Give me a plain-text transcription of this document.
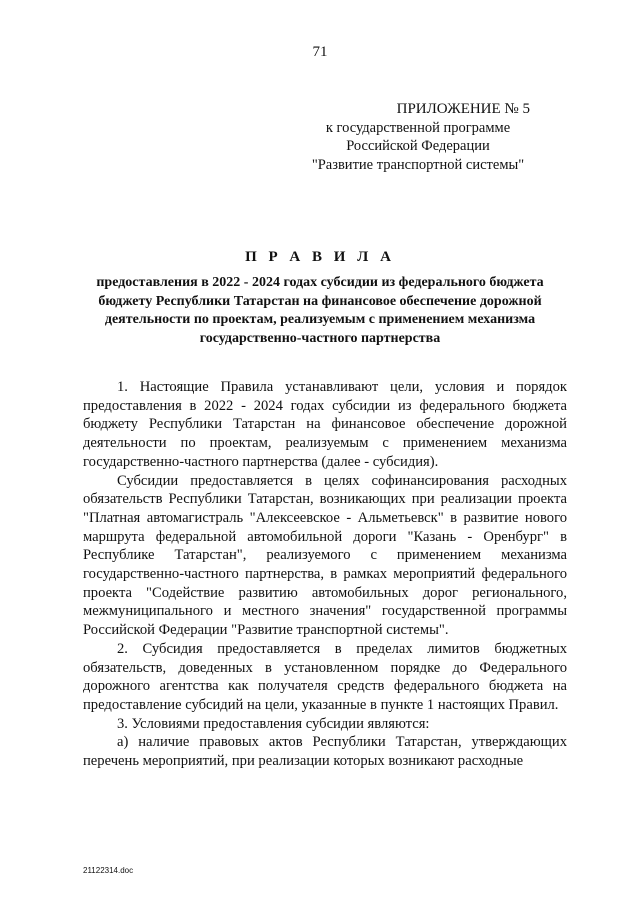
71
ПРИЛОЖЕНИЕ № 5
к государственной программе
Российской Федерации
"Развитие транспортной системы"
П Р А В И Л А
предоставления в 2022 - 2024 годах субсидии из федерального бюджета бюджету Республики Татарстан на финансовое обеспечение дорожной деятельности по проектам, реализуемым с применением механизма государственно-частного партнерства

1. Настоящие Правила устанавливают цели, условия и порядок предоставления в 2022 - 2024 годах субсидии из федерального бюджета бюджету Республики Татарстан на финансовое обеспечение дорожной деятельности по проектам, реализуемым с применением механизма государственно-частного партнерства (далее - субсидия).

Субсидии предоставляется в целях софинансирования расходных обязательств Республики Татарстан, возникающих при реализации проекта "Платная автомагистраль "Алексеевское - Альметьевск" в развитие нового маршрута федеральной автомобильной дороги "Казань - Оренбург" в Республике Татарстан", реализуемого с применением механизма государственно-частного партнерства, в рамках мероприятий федерального проекта "Содействие развитию автомобильных дорог регионального, межмуниципального и местного значения" государственной программы Российской Федерации "Развитие транспортной системы".

2. Субсидия предоставляется в пределах лимитов бюджетных обязательств, доведенных в установленном порядке до Федерального дорожного агентства как получателя средств федерального бюджета на предоставление субсидий на цели, указанные в пункте 1 настоящих Правил.

3. Условиями предоставления субсидии являются:

а) наличие правовых актов Республики Татарстан, утверждающих перечень мероприятий, при реализации которых возникают расходные

21122314.doc
